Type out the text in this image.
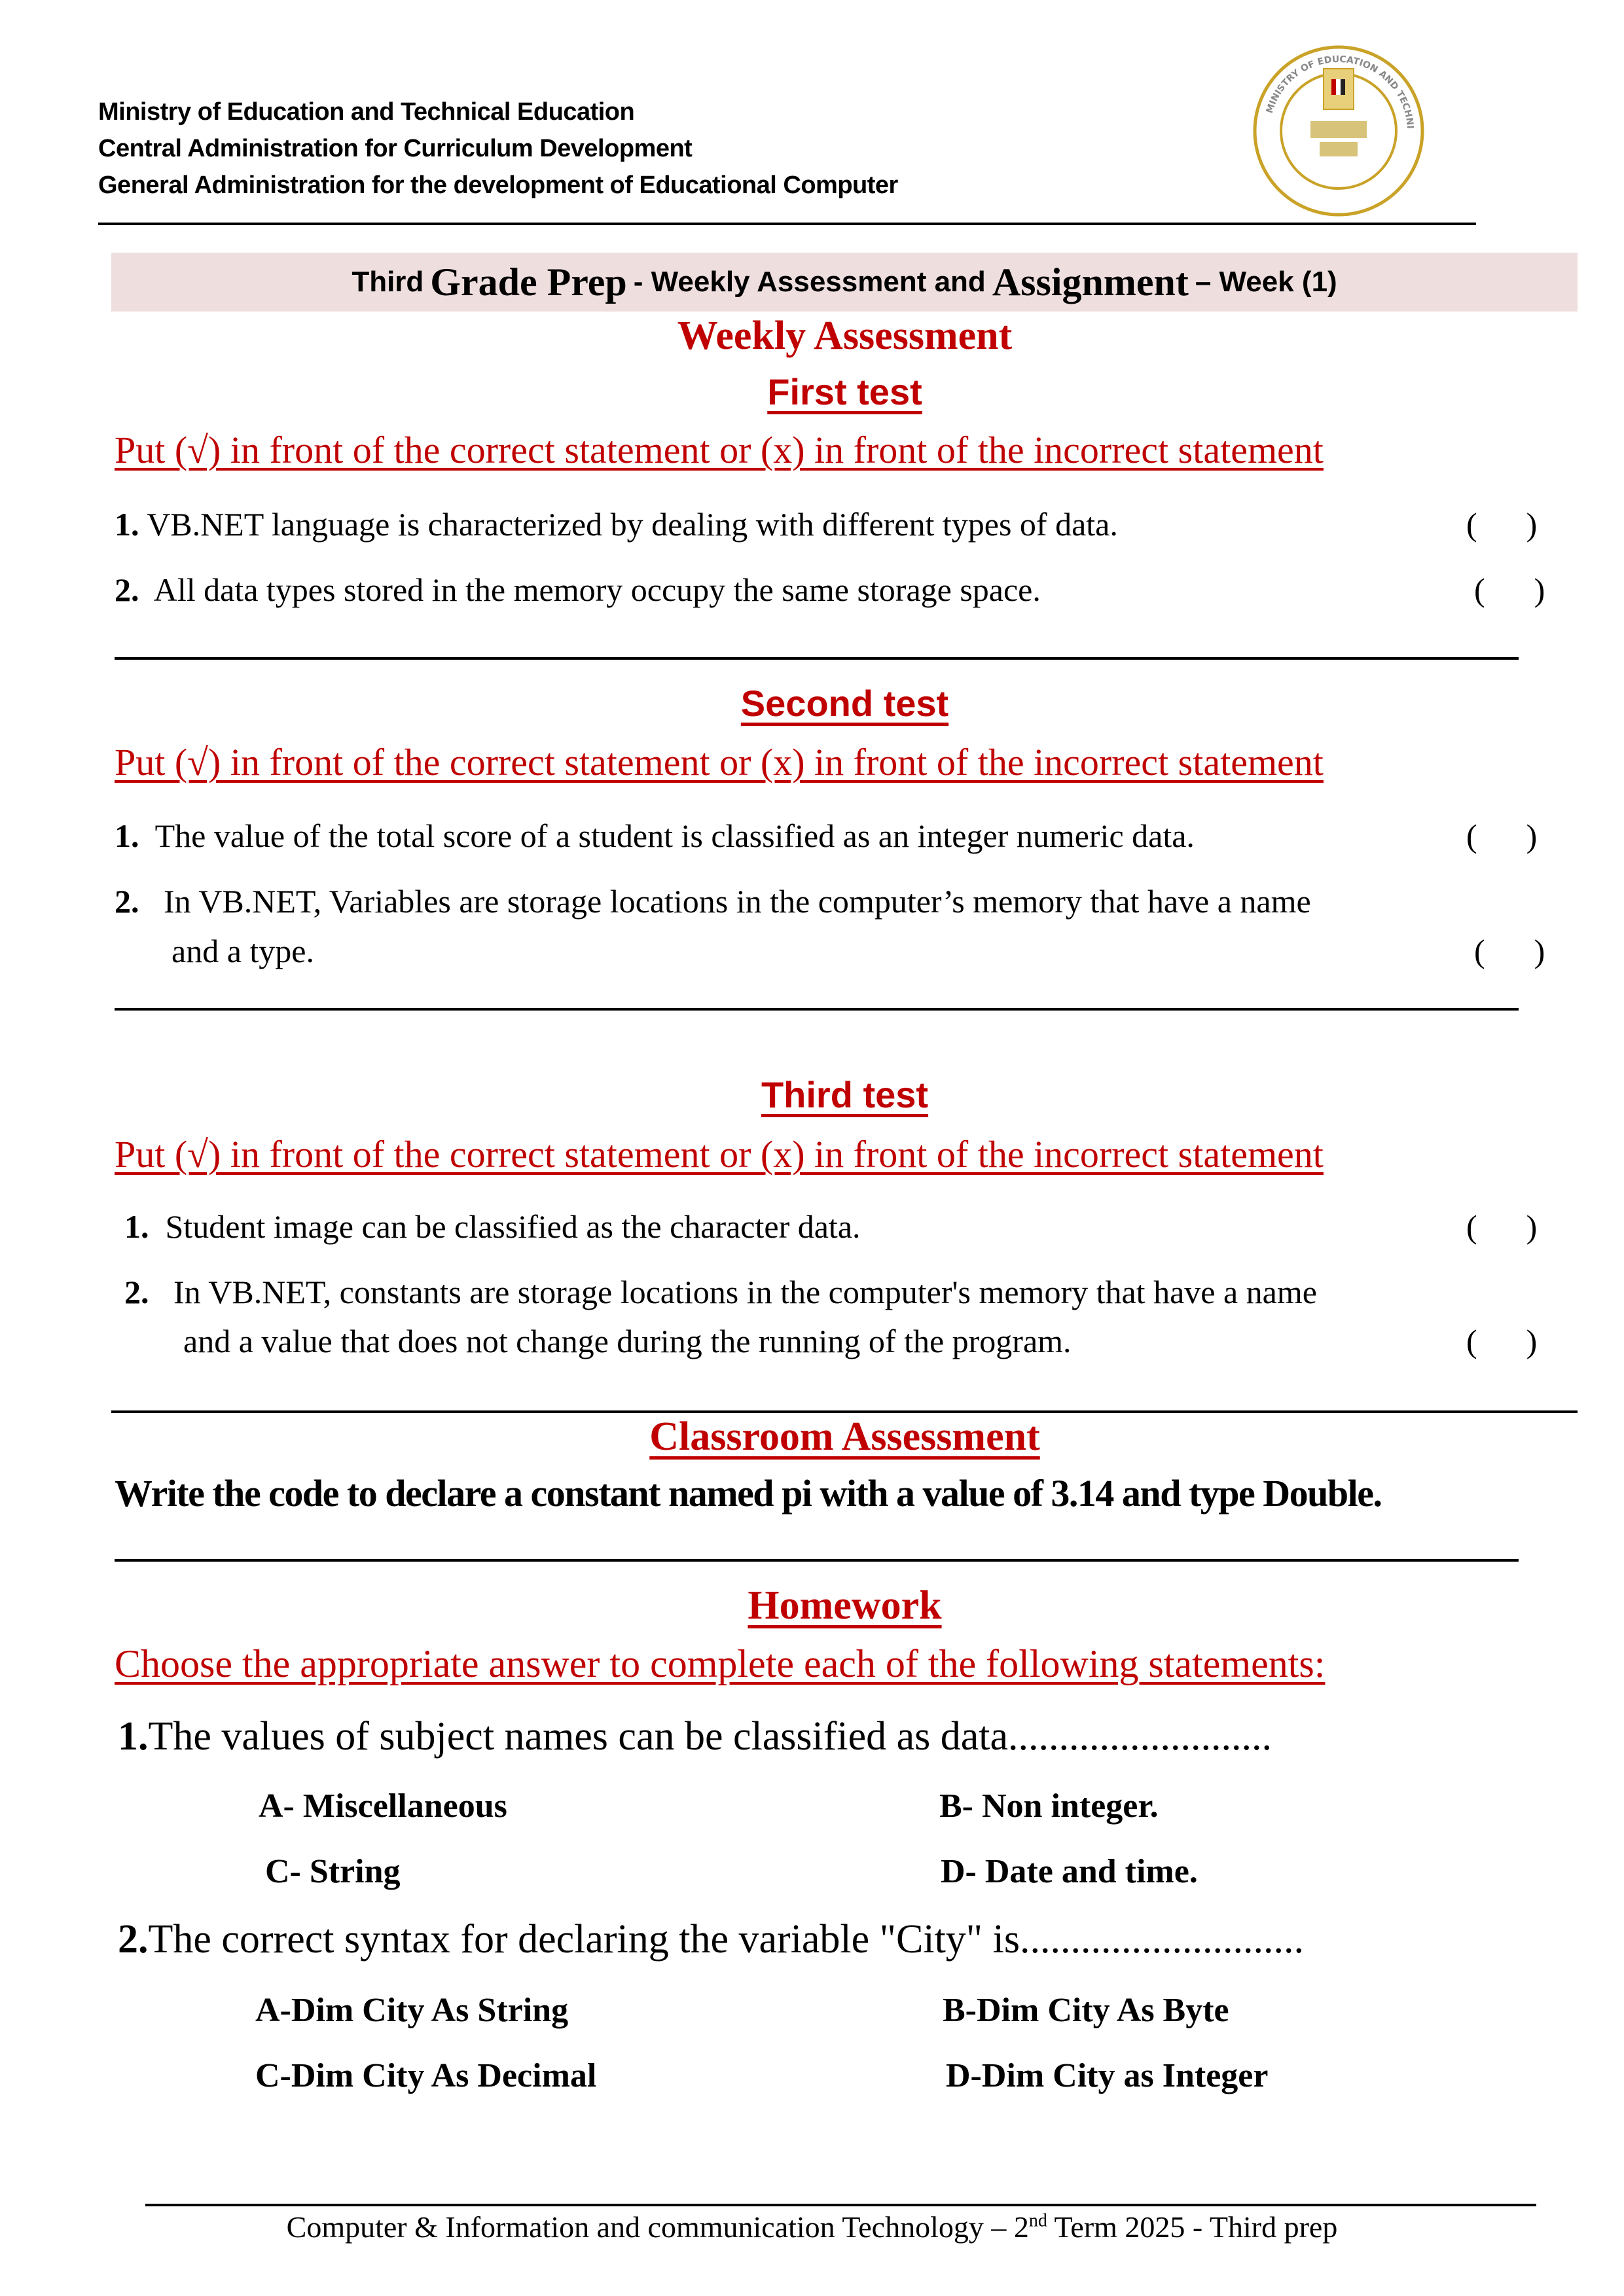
Ministry of Education and Technical Education
Central Administration for Curriculum Development
General Administration for the development of Educational Computer
MINISTRY OF EDUCATION AND TECHNI
Third Grade Prep - Weekly Assessment and Assignment – Week (1)
Weekly Assessment
First test
Put (√) in front of the correct statement or (x) in front of the incorrect statement
1. VB.NET language is characterized by dealing with different types of data.	(      )
2. All data types stored in the memory occupy the same storage space.	(      )
Second test
Put (√) in front of the correct statement or (x) in front of the incorrect statement
1. The value of the total score of a student is classified as an integer numeric data.	(      )
2. In VB.NET, Variables are storage locations in the computer’s memory that have a name
and a type.	(      )
Third test
Put (√) in front of the correct statement or (x) in front of the incorrect statement
1. Student image can be classified as the character data.	(      )
2. In VB.NET, constants are storage locations in the computer's memory that have a name
and a value that does not change during the running of the program.	(      )
Classroom Assessment
Write the code to declare a constant named pi with a value of 3.14 and type Double.
Homework
Choose the appropriate answer to complete each of the following statements:
1.The values of subject names can be classified as data..........................
A- Miscellaneous	B- Non integer.
C- String	D- Date and time.
2.The correct syntax for declaring the variable "City" is............................
A-Dim City As String	B-Dim City As Byte
C-Dim City As Decimal	D-Dim City as Integer
Computer & Information and communication Technology – 2nd Term 2025 - Third prep
